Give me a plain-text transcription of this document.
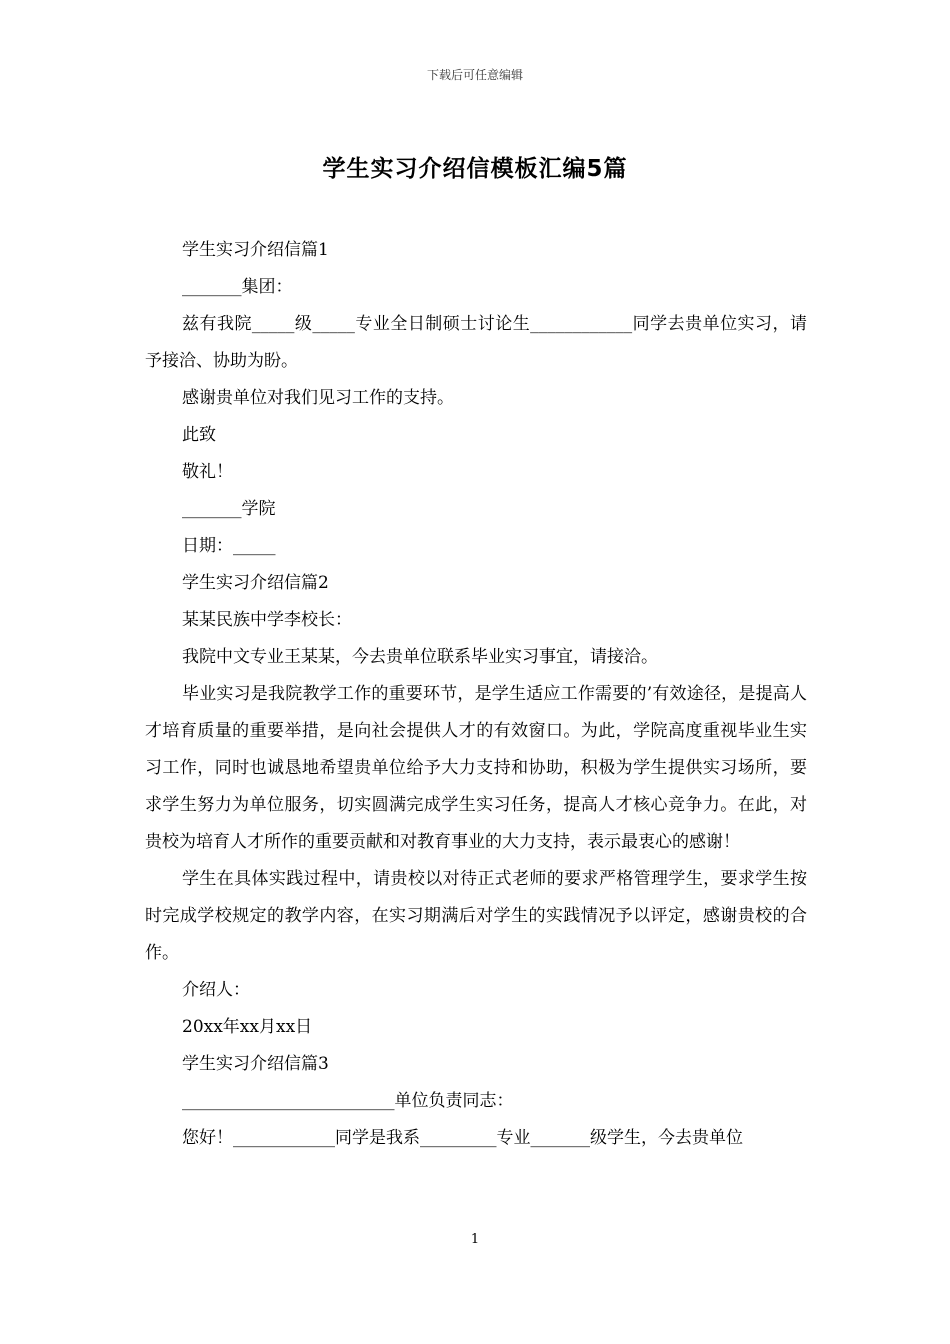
下载后可任意编辑
学生实习介绍信模板汇编5篇

学生实习介绍信篇1

_______集团：

兹有我院_____级_____专业全日制硕士讨论生____________同学去贵单位实习，请予接洽、协助为盼。

感谢贵单位对我们见习工作的支持。

此致

敬礼！

_______学院

日期：_____

学生实习介绍信篇2

某某民族中学李校长：

我院中文专业王某某，今去贵单位联系毕业实习事宜，请接洽。

毕业实习是我院教学工作的重要环节，是学生适应工作需要的’有效途径，是提高人才培育质量的重要举措，是向社会提供人才的有效窗口。为此，学院高度重视毕业生实习工作，同时也诚恳地希望贵单位给予大力支持和协助，积极为学生提供实习场所，要求学生努力为单位服务，切实圆满完成学生实习任务，提高人才核心竞争力。在此，对贵校为培育人才所作的重要贡献和对教育事业的大力支持，表示最衷心的感谢！

学生在具体实践过程中，请贵校以对待正式老师的要求严格管理学生，要求学生按时完成学校规定的教学内容，在实习期满后对学生的实践情况予以评定，感谢贵校的合作。

介绍人：

20xx年xx月xx日

学生实习介绍信篇3

_________________________单位负责同志：

您好！____________同学是我系_________专业_______级学生，今去贵单位

1
